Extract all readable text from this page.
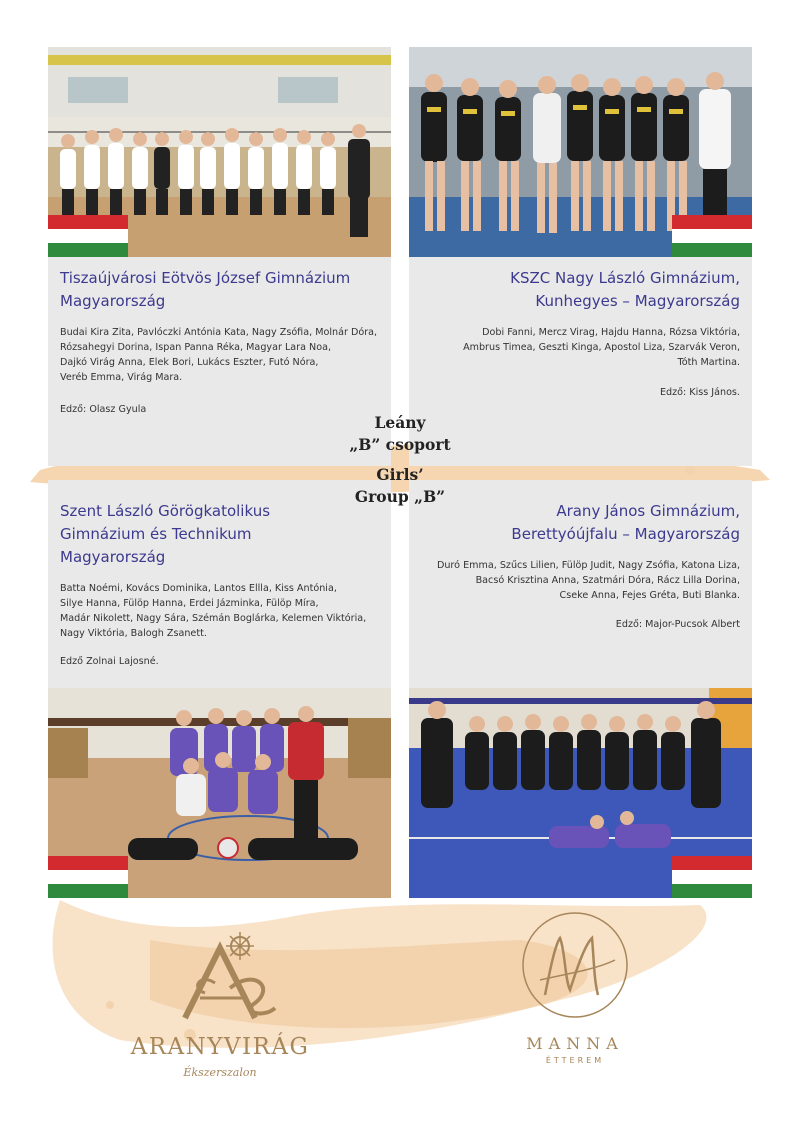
Tiszaújvárosi Eötvös József Gimnázium
Magyarország
Budai Kira Zita, Pavlóczki Antónia Kata, Nagy Zsófia, Molnár Dóra,
Rózsahegyi Dorina, Ispan Panna Réka, Magyar Lara Noa,
Dajkó Virág Anna, Elek Bori, Lukács Eszter, Futó Nóra,
Veréb Emma, Virág Mara.
Edző: Olasz Gyula
KSZC Nagy László Gimnázium,
Kunhegyes – Magyarország
Dobi Fanni, Mercz Virag, Hajdu Hanna, Rózsa Viktória,
Ambrus Timea, Geszti Kinga, Apostol Liza, Szarvák Veron,
Tóth Martina.
Edző: Kiss János.
Szent László Görögkatolikus
Gimnázium és Technikum
Magyarország
Batta Noémi, Kovács Dominika, Lantos Ellla, Kiss Antónia,
Silye Hanna, Fülöp Hanna, Erdei Jázminka, Fülöp Míra,
Madár Nikolett, Nagy Sára, Szémán Boglárka, Kelemen Viktória,
Nagy Viktória, Balogh Zsanett.
Edző Zolnai Lajosné.
Arany János Gimnázium,
Berettyóújfalu – Magyarország
Duró Emma, Szűcs Lilien, Fülöp Judit, Nagy Zsófia, Katona Liza,
Bacsó Krisztina Anna, Szatmári Dóra, Rácz Lilla Dorina,
Cseke Anna, Fejes Gréta, Buti Blanka.
Edző: Major-Pucsok Albert
Leány
„B” csoport
Girls’
Group „B”
ARANYVIRÁG
Ékszerszalon
MANNA
ÉTTEREM
